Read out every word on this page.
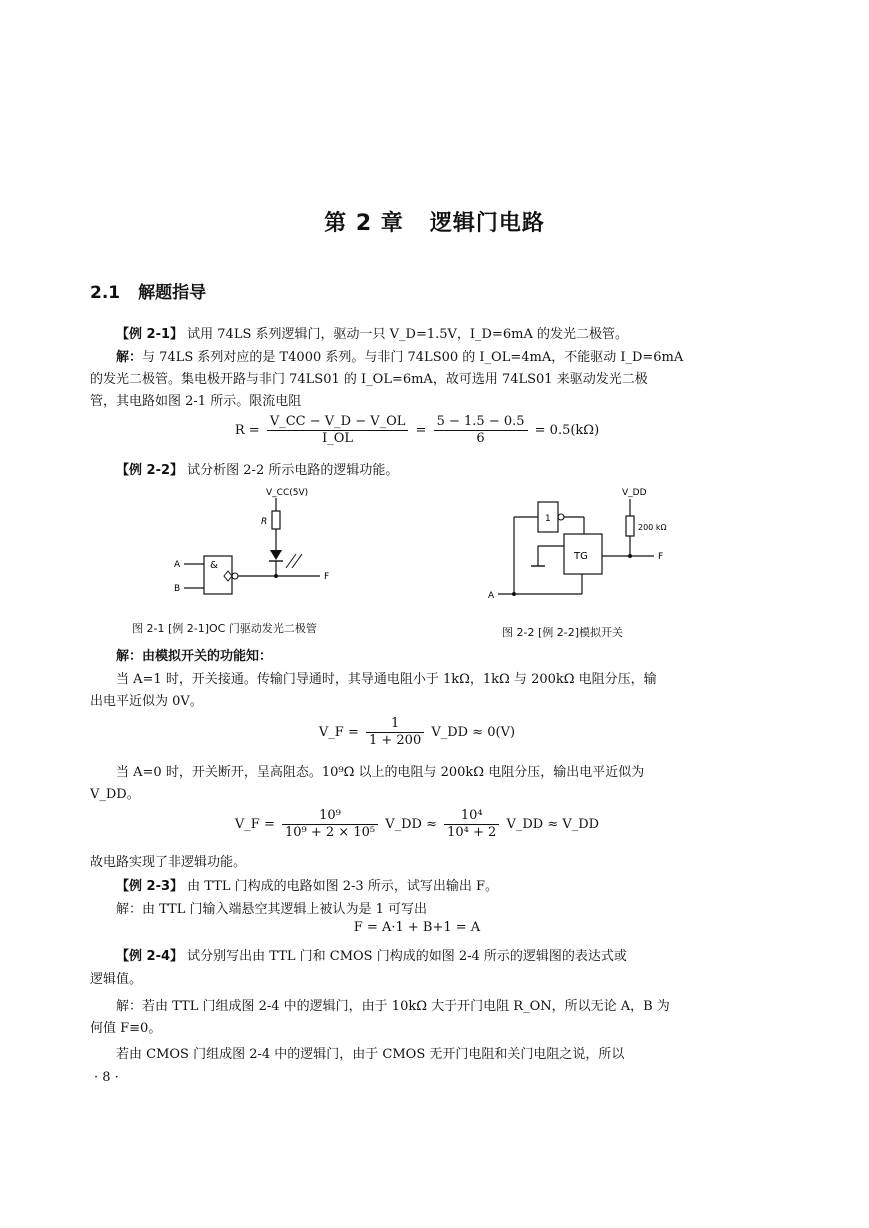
第 2 章 逻辑门电路
2.1 解题指导
【例 2-1】 试用 74LS 系列逻辑门，驱动一只 V_D=1.5V，I_D=6mA 的发光二极管。
解：与 74LS 系列对应的是 T4000 系列。与非门 74LS00 的 I_OL=4mA，不能驱动 I_D=6mA
的发光二极管。集电极开路与非门 74LS01 的 I_OL=6mA，故可选用 74LS01 来驱动发光二极
管，其电路如图 2-1 所示。限流电阻
$R = \frac{V\_CC - V\_D - V\_OL}{I\_OL} = \frac{5 - 1.5 - 0.5}{6} = 0.5(k\Omega)$
【例 2-2】 试分析图 2-2 所示电路的逻辑功能。
V_CC(5V)
R
&
A
B
F
图 2-1 [例 2-1]OC 门驱动发光二极管
V_DD
200 kΩ
1
TG	F
A
图 2-2 [例 2-2]模拟开关
解：由模拟开关的功能知：
当 A=1 时，开关接通。传输门导通时，其导通电阻小于 1kΩ，1kΩ 与 200kΩ 电阻分压，输
出电平近似为 0V。
V_F = $\frac{1}{1 + 200}$ V_DD ≈ 0(V)
当 A=0 时，开关断开，呈高阻态。10⁹Ω 以上的电阻与 200kΩ 电阻分压，输出电平近似为
V_DD。
V_F = $\frac{\text{10⁹}}{\text{10⁹ + 2 × 10⁵}}$ V_DD ≈ $\frac{\text{10⁴}}{\text{10⁴ + 2}}$ V_DD ≈ V_DD
故电路实现了非逻辑功能。
【例 2-3】 由 TTL 门构成的电路如图 2-3 所示，试写出输出 F。
解：由 TTL 门输入端悬空其逻辑上被认为是 1 可写出
F = A·1 + B+1 = A
【例 2-4】 试分别写出由 TTL 门和 CMOS 门构成的如图 2-4 所示的逻辑图的表达式或
逻辑值。
解：若由 TTL 门组成图 2-4 中的逻辑门，由于 10kΩ 大于开门电阻 R_ON，所以无论 A，B 为
何值 F≡0。
若由 CMOS 门组成图 2-4 中的逻辑门，由于 CMOS 无开门电阻和关门电阻之说，所以
· 8 ·
